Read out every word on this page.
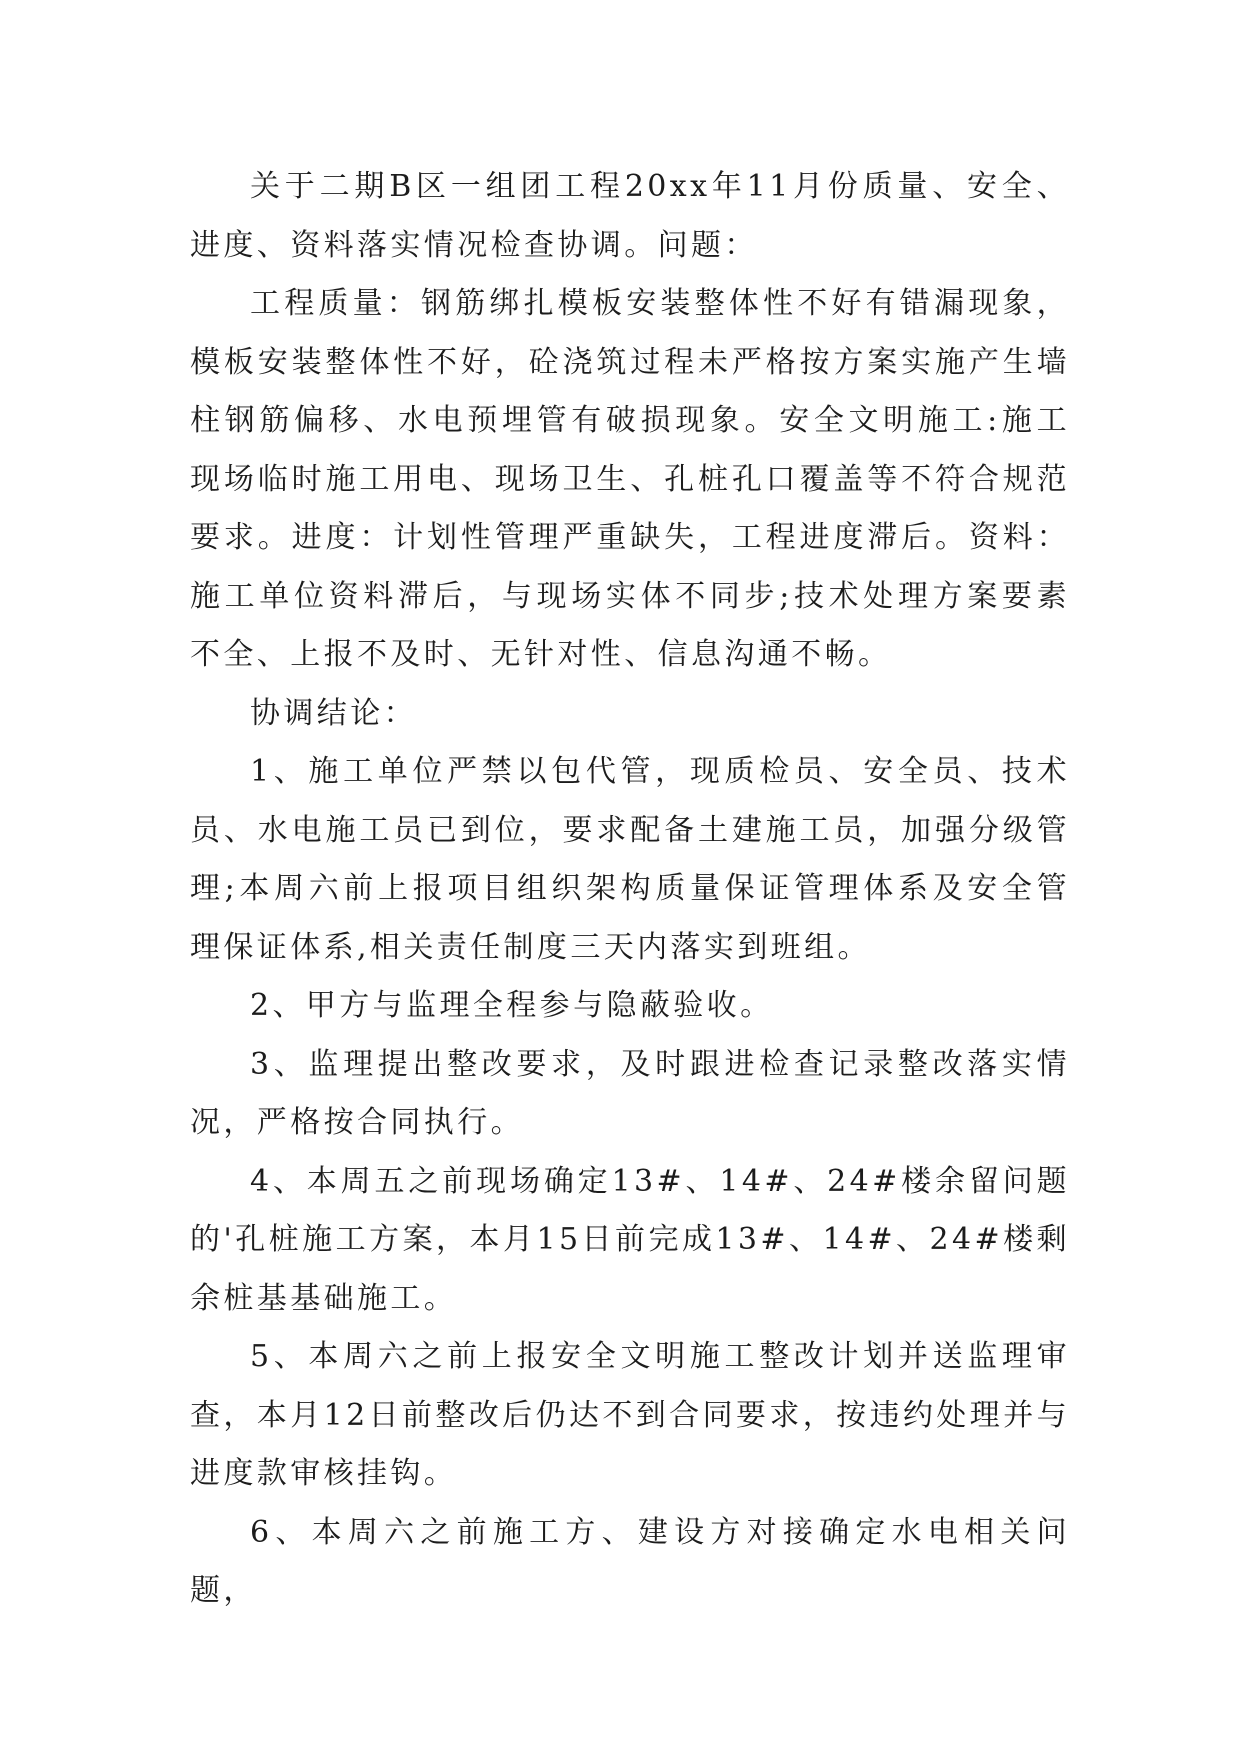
关于二期B区一组团工程20xx年11月份质量、安全、进度、资料落实情况检查协调。问题：

工程质量：钢筋绑扎模板安装整体性不好有错漏现象，模板安装整体性不好，砼浇筑过程未严格按方案实施产生墙柱钢筋偏移、水电预埋管有破损现象。安全文明施工:施工现场临时施工用电、现场卫生、孔桩孔口覆盖等不符合规范要求。进度：计划性管理严重缺失，工程进度滞后。资料：施工单位资料滞后，与现场实体不同步;技术处理方案要素不全、上报不及时、无针对性、信息沟通不畅。

协调结论：

1、施工单位严禁以包代管，现质检员、安全员、技术员、水电施工员已到位，要求配备土建施工员，加强分级管理;本周六前上报项目组织架构质量保证管理体系及安全管理保证体系,相关责任制度三天内落实到班组。

2、甲方与监理全程参与隐蔽验收。

3、监理提出整改要求，及时跟进检查记录整改落实情况，严格按合同执行。

4、本周五之前现场确定13#、14#、24#楼余留问题的'孔桩施工方案，本月15日前完成13#、14#、24#楼剩余桩基基础施工。

5、本周六之前上报安全文明施工整改计划并送监理审查，本月12日前整改后仍达不到合同要求，按违约处理并与进度款审核挂钩。

6、本周六之前施工方、建设方对接确定水电相关问题，
